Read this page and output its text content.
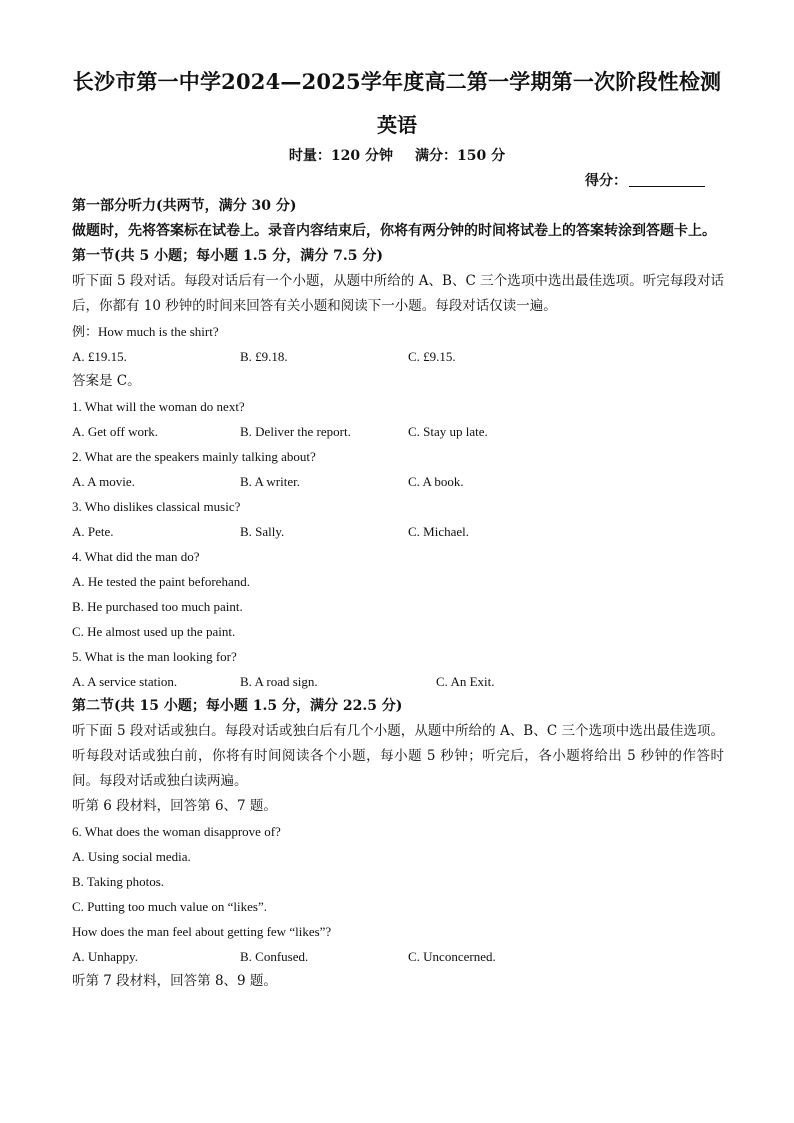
长沙市第一中学2024—2025学年度高二第一学期第一次阶段性检测
英语
时量：120 分钟 满分：150 分
得分：
第一部分听力(共两节，满分 30 分)
做题时，先将答案标在试卷上。录音内容结束后，你将有两分钟的时间将试卷上的答案转涂到答题卡上。
第一节(共 5 小题；每小题 1.5 分，满分 7.5 分)
听下面 5 段对话。每段对话后有一个小题，从题中所给的 A、B、C 三个选项中选出最佳选项。听完每段对话后，你都有 10 秒钟的时间来回答有关小题和阅读下一小题。每段对话仅读一遍。
例：How much is the shirt?
A. £19.15.	B. £9.18.	C. £9.15.
答案是 C。
1. What will the woman do next?
A. Get off work.	B. Deliver the report.	C. Stay up late.
2. What are the speakers mainly talking about?
A. A movie.	B. A writer.	C. A book.
3. Who dislikes classical music?
A. Pete.	B. Sally.	C. Michael.
4. What did the man do?
A. He tested the paint beforehand.
B. He purchased too much paint.
C. He almost used up the paint.
5. What is the man looking for?
A. A service station.	B. A road sign.	C. An Exit.
第二节(共 15 小题；每小题 1.5 分，满分 22.5 分)
听下面 5 段对话或独白。每段对话或独白后有几个小题，从题中所给的 A、B、C 三个选项中选出最佳选项。听每段对话或独白前，你将有时间阅读各个小题，每小题 5 秒钟；听完后，各小题将给出 5 秒钟的作答时间。每段对话或独白读两遍。
听第 6 段材料，回答第 6、7 题。
6. What does the woman disapprove of?
A. Using social media.
B. Taking photos.
C. Putting too much value on “likes”.
How does the man feel about getting few “likes”?
A. Unhappy.	B. Confused.	C. Unconcerned.
听第 7 段材料，回答第 8、9 题。
